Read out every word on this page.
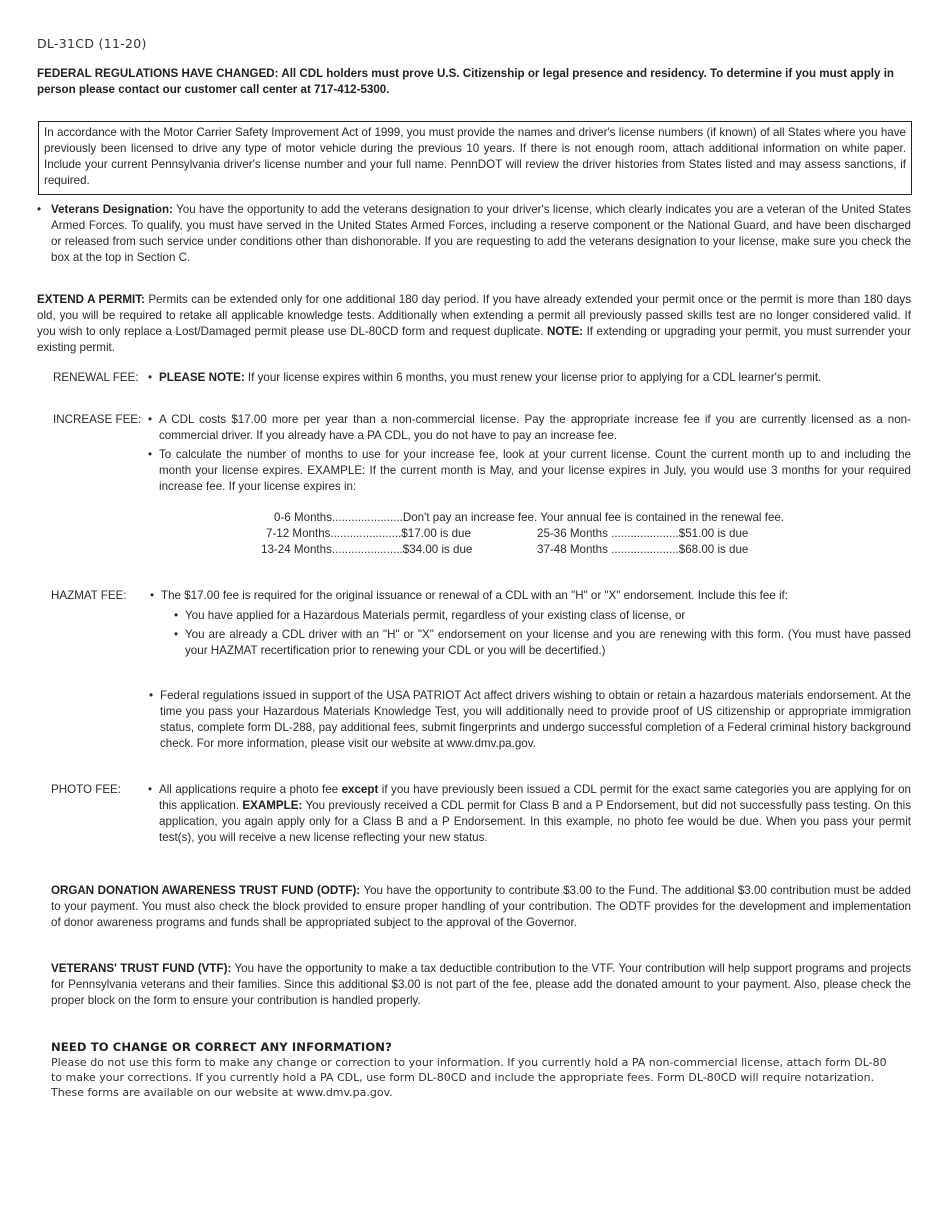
DL-31CD (11-20)
FEDERAL REGULATIONS HAVE CHANGED: All CDL holders must prove U.S. Citizenship or legal presence and residency. To determine if you must apply in person please contact our customer call center at 717-412-5300.
In accordance with the Motor Carrier Safety Improvement Act of 1999, you must provide the names and driver's license numbers (if known) of all States where you have previously been licensed to drive any type of motor vehicle during the previous 10 years. If there is not enough room, attach additional information on white paper. Include your current Pennsylvania driver's license number and your full name. PennDOT will review the driver histories from States listed and may assess sanctions, if required.
• Veterans Designation: You have the opportunity to add the veterans designation to your driver's license, which clearly indicates you are a veteran of the United States Armed Forces. To qualify, you must have served in the United States Armed Forces, including a reserve component or the National Guard, and have been discharged or released from such service under conditions other than dishonorable. If you are requesting to add the veterans designation to your license, make sure you check the box at the top in Section C.
EXTEND A PERMIT: Permits can be extended only for one additional 180 day period. If you have already extended your permit once or the permit is more than 180 days old, you will be required to retake all applicable knowledge tests. Additionally when extending a permit all previously passed skills test are no longer considered valid. If you wish to only replace a Lost/Damaged permit please use DL-80CD form and request duplicate. NOTE: If extending or upgrading your permit, you must surrender your existing permit.
RENEWAL FEE: • PLEASE NOTE: If your license expires within 6 months, you must renew your license prior to applying for a CDL learner's permit.
INCREASE FEE: • A CDL costs $17.00 more per year than a non-commercial license. Pay the appropriate increase fee if you are currently licensed as a non-commercial driver. If you already have a PA CDL, you do not have to pay an increase fee.
• To calculate the number of months to use for your increase fee, look at your current license. Count the current month up to and including the month your license expires. EXAMPLE: If the current month is May, and your license expires in July, you would use 3 months for your required increase fee. If your license expires in:
0-6 Months......................Don't pay an increase fee. Your annual fee is contained in the renewal fee.
7-12 Months......................$17.00 is due	25-36 Months .....................$51.00 is due
13-24 Months......................$34.00 is due	37-48 Months .....................$68.00 is due
HAZMAT FEE: • The $17.00 fee is required for the original issuance or renewal of a CDL with an "H" or "X" endorsement. Include this fee if:
• You have applied for a Hazardous Materials permit, regardless of your existing class of license, or
• You are already a CDL driver with an "H" or "X" endorsement on your license and you are renewing with this form. (You must have passed your HAZMAT recertification prior to renewing your CDL or you will be decertified.)
• Federal regulations issued in support of the USA PATRIOT Act affect drivers wishing to obtain or retain a hazardous materials endorsement. At the time you pass your Hazardous Materials Knowledge Test, you will additionally need to provide proof of US citizenship or appropriate immigration status, complete form DL-288, pay additional fees, submit fingerprints and undergo successful completion of a Federal criminal history background check. For more information, please visit our website at www.dmv.pa.gov.
PHOTO FEE: • All applications require a photo fee except if you have previously been issued a CDL permit for the exact same categories you are applying for on this application. EXAMPLE: You previously received a CDL permit for Class B and a P Endorsement, but did not successfully pass testing. On this application, you again apply only for a Class B and a P Endorsement. In this example, no photo fee would be due. When you pass your permit test(s), you will receive a new license reflecting your new status.
ORGAN DONATION AWARENESS TRUST FUND (ODTF): You have the opportunity to contribute $3.00 to the Fund. The additional $3.00 contribution must be added to your payment. You must also check the block provided to ensure proper handling of your contribution. The ODTF provides for the development and implementation of donor awareness programs and funds shall be appropriated subject to the approval of the Governor.
VETERANS' TRUST FUND (VTF): You have the opportunity to make a tax deductible contribution to the VTF. Your contribution will help support programs and projects for Pennsylvania veterans and their families. Since this additional $3.00 is not part of the fee, please add the donated amount to your payment. Also, please check the proper block on the form to ensure your contribution is handled properly.
NEED TO CHANGE OR CORRECT ANY INFORMATION?
Please do not use this form to make any change or correction to your information. If you currently hold a PA non-commercial license, attach form DL-80 to make your corrections. If you currently hold a PA CDL, use form DL-80CD and include the appropriate fees. Form DL-80CD will require notarization. These forms are available on our website at www.dmv.pa.gov.
